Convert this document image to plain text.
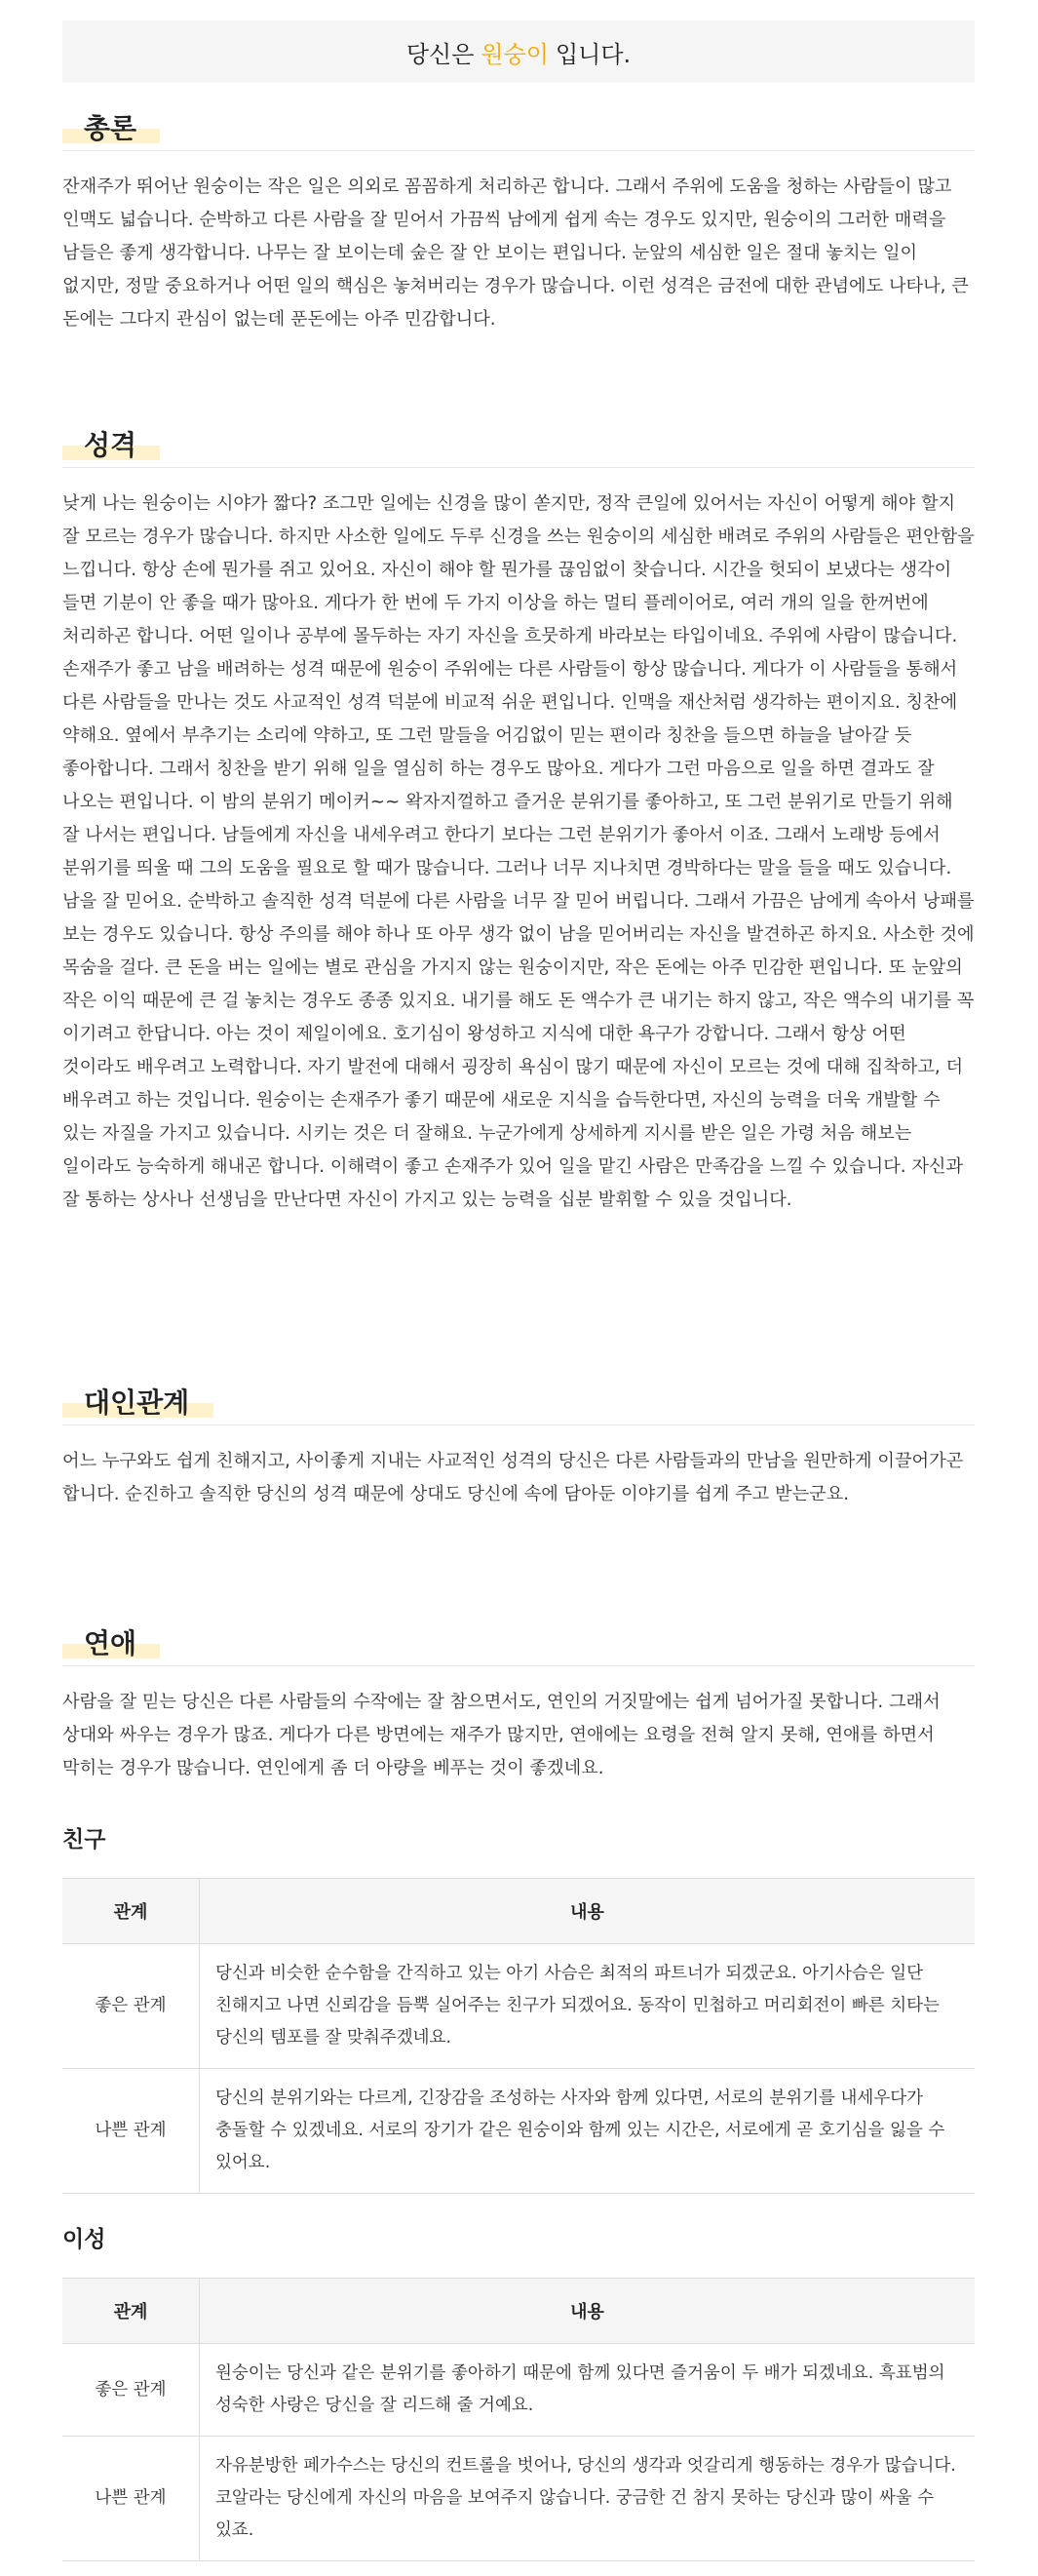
당신은 원숭이 입니다.
총론
잔재주가 뛰어난 원숭이는 작은 일은 의외로 꼼꼼하게 처리하곤 합니다. 그래서 주위에 도움을 청하는 사람들이 많고 인맥도 넓습니다. 순박하고 다른 사람을 잘 믿어서 가끔씩 남에게 쉽게 속는 경우도 있지만, 원숭이의 그러한 매력을 남들은 좋게 생각합니다. 나무는 잘 보이는데 숲은 잘 안 보이는 편입니다. 눈앞의 세심한 일은 절대 놓치는 일이 없지만, 정말 중요하거나 어떤 일의 핵심은 놓쳐버리는 경우가 많습니다. 이런 성격은 금전에 대한 관념에도 나타나, 큰 돈에는 그다지 관심이 없는데 푼돈에는 아주 민감합니다.
성격
낮게 나는 원숭이는 시야가 짧다? 조그만 일에는 신경을 많이 쏟지만, 정작 큰일에 있어서는 자신이 어떻게 해야 할지 잘 모르는 경우가 많습니다. 하지만 사소한 일에도 두루 신경을 쓰는 원숭이의 세심한 배려로 주위의 사람들은 편안함을 느낍니다. 항상 손에 뭔가를 쥐고 있어요. 자신이 해야 할 뭔가를 끊임없이 찾습니다. 시간을 헛되이 보냈다는 생각이 들면 기분이 안 좋을 때가 많아요. 게다가 한 번에 두 가지 이상을 하는 멀티 플레이어로, 여러 개의 일을 한꺼번에 처리하곤 합니다. 어떤 일이나 공부에 몰두하는 자기 자신을 흐뭇하게 바라보는 타입이네요. 주위에 사람이 많습니다. 손재주가 좋고 남을 배려하는 성격 때문에 원숭이 주위에는 다른 사람들이 항상 많습니다. 게다가 이 사람들을 통해서 다른 사람들을 만나는 것도 사교적인 성격 덕분에 비교적 쉬운 편입니다. 인맥을 재산처럼 생각하는 편이지요. 칭찬에 약해요. 옆에서 부추기는 소리에 약하고, 또 그런 말들을 어김없이 믿는 편이라 칭찬을 들으면 하늘을 날아갈 듯 좋아합니다. 그래서 칭찬을 받기 위해 일을 열심히 하는 경우도 많아요. 게다가 그런 마음으로 일을 하면 결과도 잘 나오는 편입니다. 이 밤의 분위기 메이커~~ 왁자지껄하고 즐거운 분위기를 좋아하고, 또 그런 분위기로 만들기 위해 잘 나서는 편입니다. 남들에게 자신을 내세우려고 한다기 보다는 그런 분위기가 좋아서 이죠. 그래서 노래방 등에서 분위기를 띄울 때 그의 도움을 필요로 할 때가 많습니다. 그러나 너무 지나치면 경박하다는 말을 들을 때도 있습니다. 남을 잘 믿어요. 순박하고 솔직한 성격 덕분에 다른 사람을 너무 잘 믿어 버립니다. 그래서 가끔은 남에게 속아서 낭패를 보는 경우도 있습니다. 항상 주의를 해야 하나 또 아무 생각 없이 남을 믿어버리는 자신을 발견하곤 하지요. 사소한 것에 목숨을 걸다. 큰 돈을 버는 일에는 별로 관심을 가지지 않는 원숭이지만, 작은 돈에는 아주 민감한 편입니다. 또 눈앞의 작은 이익 때문에 큰 걸 놓치는 경우도 종종 있지요. 내기를 해도 돈 액수가 큰 내기는 하지 않고, 작은 액수의 내기를 꼭 이기려고 한답니다. 아는 것이 제일이에요. 호기심이 왕성하고 지식에 대한 욕구가 강합니다. 그래서 항상 어떤 것이라도 배우려고 노력합니다. 자기 발전에 대해서 굉장히 욕심이 많기 때문에 자신이 모르는 것에 대해 집착하고, 더 배우려고 하는 것입니다. 원숭이는 손재주가 좋기 때문에 새로운 지식을 습득한다면, 자신의 능력을 더욱 개발할 수 있는 자질을 가지고 있습니다. 시키는 것은 더 잘해요. 누군가에게 상세하게 지시를 받은 일은 가령 처음 해보는 일이라도 능숙하게 해내곤 합니다. 이해력이 좋고 손재주가 있어 일을 맡긴 사람은 만족감을 느낄 수 있습니다. 자신과 잘 통하는 상사나 선생님을 만난다면 자신이 가지고 있는 능력을 십분 발휘할 수 있을 것입니다.
대인관계
어느 누구와도 쉽게 친해지고, 사이좋게 지내는 사교적인 성격의 당신은 다른 사람들과의 만남을 원만하게 이끌어가곤 합니다. 순진하고 솔직한 당신의 성격 때문에 상대도 당신에 속에 담아둔 이야기를 쉽게 주고 받는군요.
연애
사람을 잘 믿는 당신은 다른 사람들의 수작에는 잘 참으면서도, 연인의 거짓말에는 쉽게 넘어가질 못합니다. 그래서 상대와 싸우는 경우가 많죠. 게다가 다른 방면에는 재주가 많지만, 연애에는 요령을 전혀 알지 못해, 연애를 하면서 막히는 경우가 많습니다. 연인에게 좀 더 아량을 베푸는 것이 좋겠네요.
친구
관계	내용
좋은 관계	당신과 비슷한 순수함을 간직하고 있는 아기 사슴은 최적의 파트너가 되겠군요. 아기사슴은 일단 친해지고 나면 신뢰감을 듬뿍 실어주는 친구가 되겠어요. 동작이 민첩하고 머리회전이 빠른 치타는 당신의 템포를 잘 맞춰주겠네요.
나쁜 관계	당신의 분위기와는 다르게, 긴장감을 조성하는 사자와 함께 있다면, 서로의 분위기를 내세우다가 충돌할 수 있겠네요. 서로의 장기가 같은 원숭이와 함께 있는 시간은, 서로에게 곧 호기심을 잃을 수 있어요.
이성
관계	내용
좋은 관계	원숭이는 당신과 같은 분위기를 좋아하기 때문에 함께 있다면 즐거움이 두 배가 되겠네요. 흑표범의 성숙한 사랑은 당신을 잘 리드해 줄 거예요.
나쁜 관계	자유분방한 페가수스는 당신의 컨트롤을 벗어나, 당신의 생각과 엇갈리게 행동하는 경우가 많습니다. 코알라는 당신에게 자신의 마음을 보여주지 않습니다. 궁금한 건 참지 못하는 당신과 많이 싸울 수 있죠.
